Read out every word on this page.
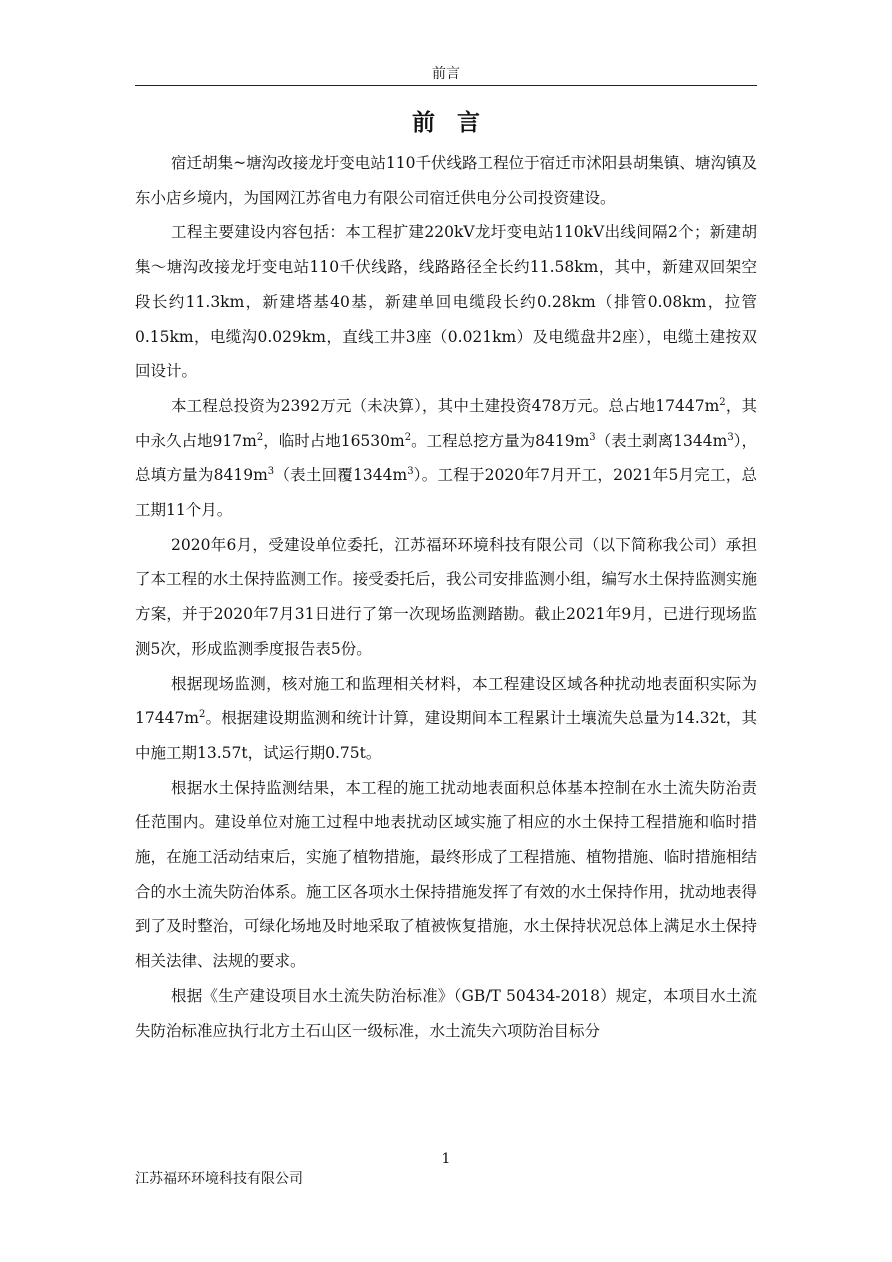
前言
前言

宿迁胡集~塘沟改接龙圩变电站110千伏线路工程位于宿迁市沭阳县胡集镇、塘沟镇及东小店乡境内，为国网江苏省电力有限公司宿迁供电分公司投资建设。

工程主要建设内容包括：本工程扩建220kV龙圩变电站110kV出线间隔2个；新建胡集～塘沟改接龙圩变电站110千伏线路，线路路径全长约11.58km，其中，新建双回架空段长约11.3km，新建塔基40基，新建单回电缆段长约0.28km（排管0.08km，拉管0.15km，电缆沟0.029km，直线工井3座（0.021km）及电缆盘井2座），电缆土建按双回设计。

本工程总投资为2392万元（未决算），其中土建投资478万元。总占地$17447m^2$，其中永久占地$917m^2$，临时占地$16530m^2$。工程总挖方量为$8419m^3$（表土剥离$1344m^3$），总填方量为$8419m^3$（表土回覆$1344m^3$）。工程于2020年7月开工，2021年5月完工，总工期11个月。

2020年6月，受建设单位委托，江苏福环环境科技有限公司（以下简称我公司）承担了本工程的水土保持监测工作。接受委托后，我公司安排监测小组，编写水土保持监测实施方案，并于2020年7月31日进行了第一次现场监测踏勘。截止2021年9月，已进行现场监测5次，形成监测季度报告表5份。

根据现场监测，核对施工和监理相关材料，本工程建设区域各种扰动地表面积实际为$17447m^2$。根据建设期监测和统计计算，建设期间本工程累计土壤流失总量为14.32t，其中施工期13.57t，试运行期0.75t。

根据水土保持监测结果，本工程的施工扰动地表面积总体基本控制在水土流失防治责任范围内。建设单位对施工过程中地表扰动区域实施了相应的水土保持工程措施和临时措施，在施工活动结束后，实施了植物措施，最终形成了工程措施、植物措施、临时措施相结合的水土流失防治体系。施工区各项水土保持措施发挥了有效的水土保持作用，扰动地表得到了及时整治，可绿化场地及时地采取了植被恢复措施，水土保持状况总体上满足水土保持相关法律、法规的要求。

根据《生产建设项目水土流失防治标准》（GB/T 50434-2018）规定，本项目水土流失防治标准应执行北方土石山区一级标准，水土流失六项防治目标分

1
江苏福环环境科技有限公司
